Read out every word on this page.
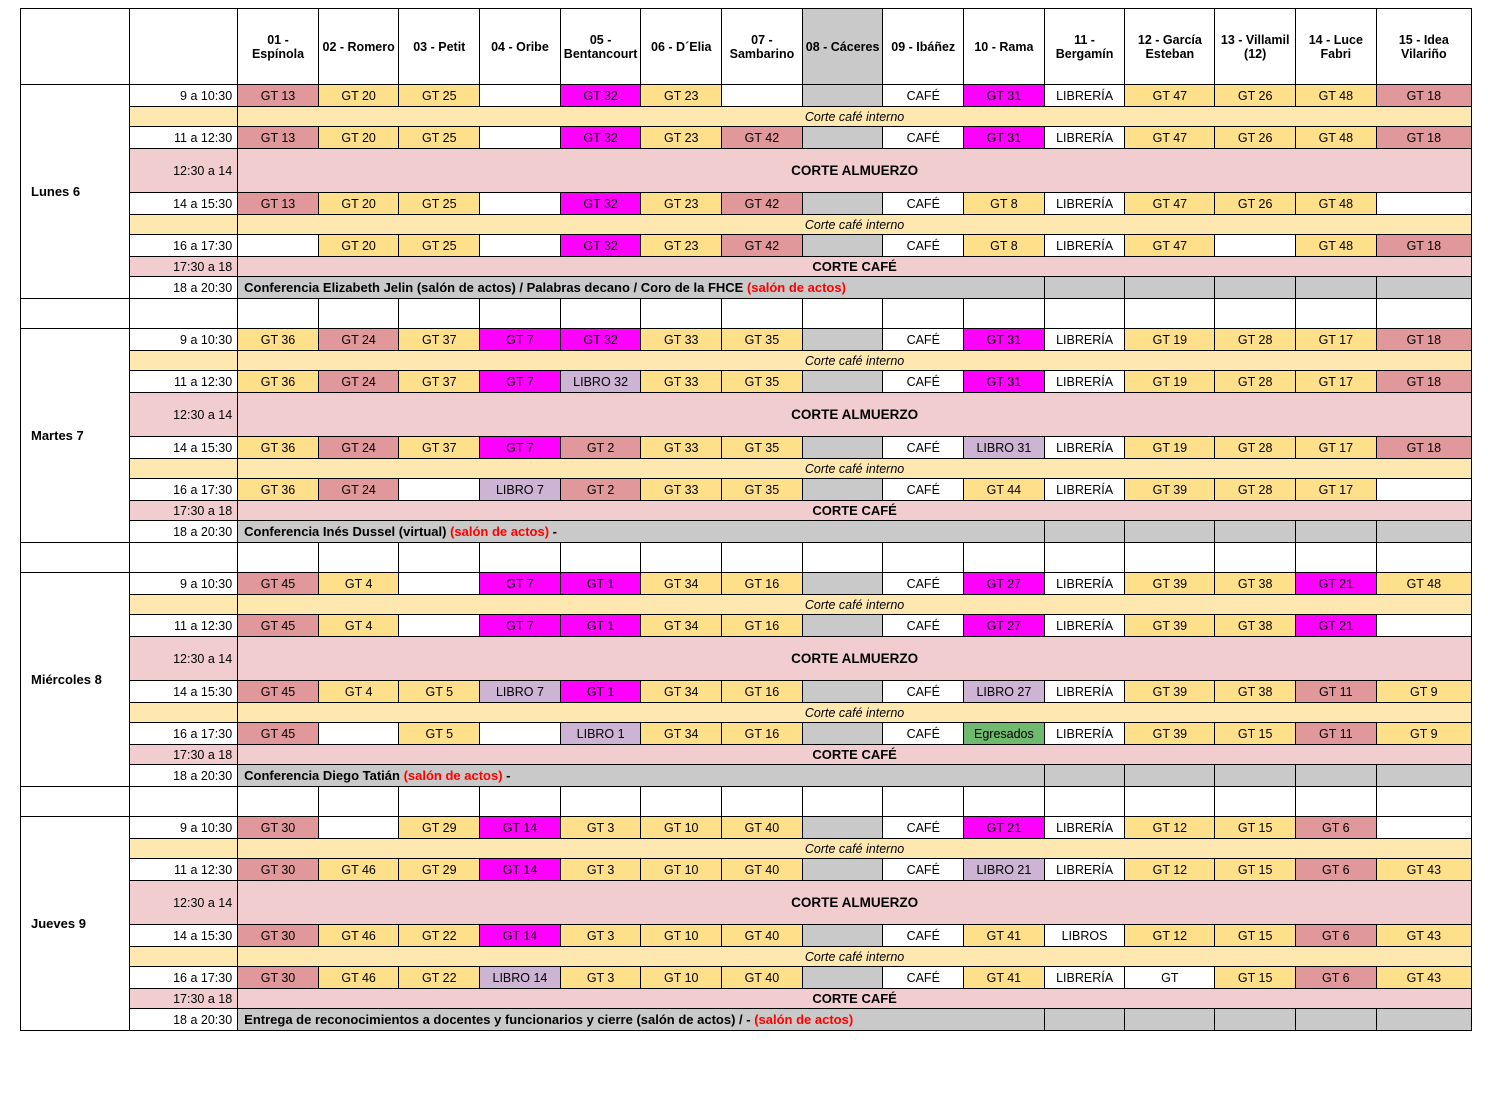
		01 - Espínola	02 - Romero	03 - Petit	04 - Oribe	05 - Bentancourt	06 - D´Elia	07 - Sambarino	08 - Cáceres	09 - Ibáñez	10 - Rama	11 - Bergamín	12 - García Esteban	13 - Villamil (12)	14 - Luce Fabri	15 - Idea Vilariño
Lunes 6	9 a 10:30	GT 13	GT 20	GT 25		GT 32	GT 23			CAFÉ	GT 31	LIBRERÍA	GT 47	GT 26	GT 48	GT 18
		Corte café interno														
	11 a 12:30	GT 13	GT 20	GT 25		GT 32	GT 23	GT 42		CAFÉ	GT 31	LIBRERÍA	GT 47	GT 26	GT 48	GT 18
	12:30 a 14	CORTE ALMUERZO														
	14 a 15:30	GT 13	GT 20	GT 25		GT 32	GT 23	GT 42		CAFÉ	GT 8	LIBRERÍA	GT 47	GT 26	GT 48	
		Corte café interno														
	16 a 17:30		GT 20	GT 25		GT 32	GT 23	GT 42		CAFÉ	GT 8	LIBRERÍA	GT 47		GT 48	GT 18
	17:30 a 18	CORTE CAFÉ														
	18 a 20:30	Conferencia Elizabeth Jelin (salón de actos) / Palabras decano / Coro de la FHCE (salón de actos)														

Martes 7	9 a 10:30	GT 36	GT 24	GT 37	GT 7	GT 32	GT 33	GT 35		CAFÉ	GT 31	LIBRERÍA	GT 19	GT 28	GT 17	GT 18
		Corte café interno														
	11 a 12:30	GT 36	GT 24	GT 37	GT 7	LIBRO 32	GT 33	GT 35		CAFÉ	GT 31	LIBRERÍA	GT 19	GT 28	GT 17	GT 18
	12:30 a 14	CORTE ALMUERZO														
	14 a 15:30	GT 36	GT 24	GT 37	GT 7	GT 2	GT 33	GT 35		CAFÉ	LIBRO 31	LIBRERÍA	GT 19	GT 28	GT 17	GT 18
		Corte café interno														
	16 a 17:30	GT 36	GT 24		LIBRO 7	GT 2	GT 33	GT 35		CAFÉ	GT 44	LIBRERÍA	GT 39	GT 28	GT 17	
	17:30 a 18	CORTE CAFÉ														
	18 a 20:30	Conferencia Inés Dussel (virtual) (salón de actos) -														

Miércoles 8	9 a 10:30	GT 45	GT 4		GT 7	GT 1	GT 34	GT 16		CAFÉ	GT 27	LIBRERÍA	GT 39	GT 38	GT 21	GT 48
		Corte café interno														
	11 a 12:30	GT 45	GT 4		GT 7	GT 1	GT 34	GT 16		CAFÉ	GT 27	LIBRERÍA	GT 39	GT 38	GT 21	
	12:30 a 14	CORTE ALMUERZO														
	14 a 15:30	GT 45	GT 4	GT 5	LIBRO 7	GT 1	GT 34	GT 16		CAFÉ	LIBRO 27	LIBRERÍA	GT 39	GT 38	GT 11	GT 9
		Corte café interno														
	16 a 17:30	GT 45		GT 5		LIBRO 1	GT 34	GT 16		CAFÉ	Egresados	LIBRERÍA	GT 39	GT 15	GT 11	GT 9
	17:30 a 18	CORTE CAFÉ														
	18 a 20:30	Conferencia Diego Tatián (salón de actos) -														

Jueves 9	9 a 10:30	GT 30		GT 29	GT 14	GT 3	GT 10	GT 40		CAFÉ	GT 21	LIBRERÍA	GT 12	GT 15	GT 6	
		Corte café interno														
	11 a 12:30	GT 30	GT 46	GT 29	GT 14	GT 3	GT 10	GT 40		CAFÉ	LIBRO 21	LIBRERÍA	GT 12	GT 15	GT 6	GT 43
	12:30 a 14	CORTE ALMUERZO														
	14 a 15:30	GT 30	GT 46	GT 22	GT 14	GT 3	GT 10	GT 40		CAFÉ	GT 41	LIBROS	GT 12	GT 15	GT 6	GT 43
		Corte café interno														
	16 a 17:30	GT 30	GT 46	GT 22	LIBRO 14	GT 3	GT 10	GT 40		CAFÉ	GT 41	LIBRERÍA	GT	GT 15	GT 6	GT 43
	17:30 a 18	CORTE CAFÉ														
	18 a 20:30	Entrega de reconocimientos a docentes y funcionarios y cierre (salón de actos) / - (salón de actos)														
